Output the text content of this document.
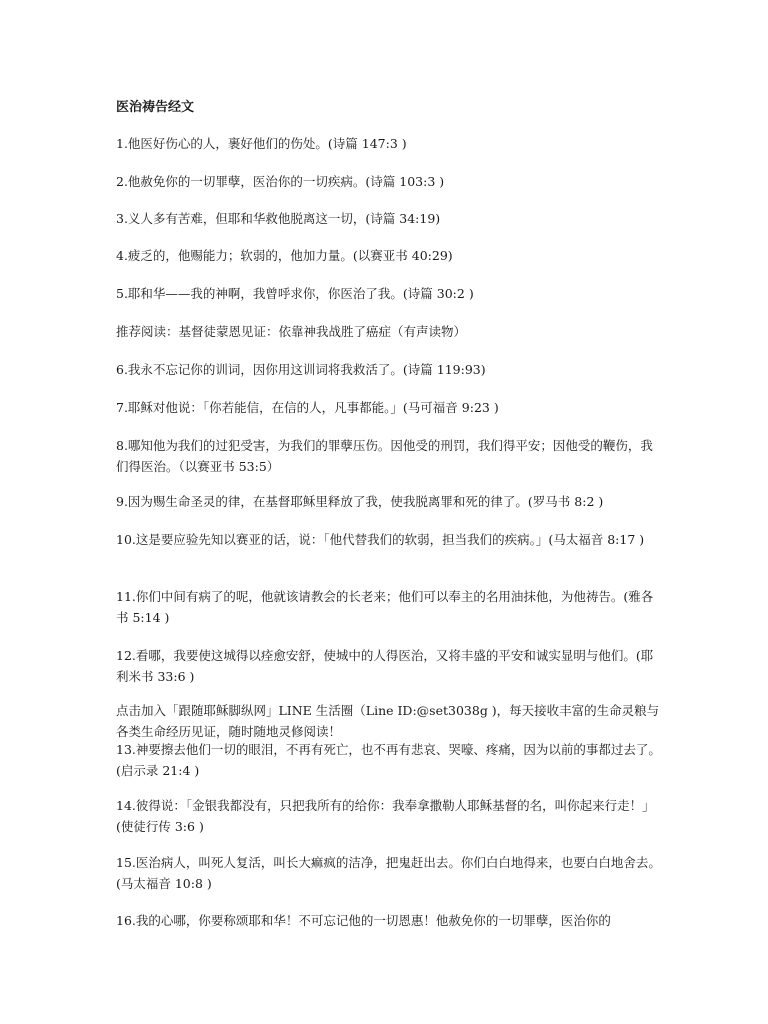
医治祷告经文

1.他医好伤心的人，裹好他们的伤处。(诗篇 147:3 )

2.他赦免你的一切罪孽，医治你的一切疾病。(诗篇 103:3 )

3.义人多有苦难，但耶和华救他脱离这一切，(诗篇 34:19)

4.疲乏的，他赐能力；软弱的，他加力量。(以赛亚书 40:29)

5.耶和华——我的神啊，我曾呼求你，你医治了我。(诗篇 30:2 )

推荐阅读：基督徒蒙恩见证：依靠神我战胜了癌症（有声读物）

6.我永不忘记你的训词，因你用这训词将我救活了。(诗篇 119:93)

7.耶稣对他说：「你若能信，在信的人，凡事都能。」(马可福音 9:23 )

8.哪知他为我们的过犯受害，为我们的罪孽压伤。因他受的刑罚，我们得平安；因他受的鞭伤，我们得医治。（以赛亚书 53:5）

9.因为赐生命圣灵的律，在基督耶稣里释放了我，使我脱离罪和死的律了。(罗马书 8:2 )

10.这是要应验先知以赛亚的话，说：「他代替我们的软弱，担当我们的疾病。」(马太福音 8:17 )

11.你们中间有病了的呢，他就该请教会的长老来；他们可以奉主的名用油抹他，为他祷告。(雅各书 5:14 )

12.看哪，我要使这城得以痊愈安舒，使城中的人得医治，又将丰盛的平安和诚实显明与他们。(耶利米书 33:6 )

点击加入「跟随耶稣脚纵网」LINE 生活圈（Line ID:@set3038g )，每天接收丰富的生命灵粮与各类生命经历见证，随时随地灵修阅读！

13.神要擦去他们一切的眼泪，不再有死亡，也不再有悲哀、哭嚎、疼痛，因为以前的事都过去了。(启示录 21:4 )

14.彼得说：「金银我都没有，只把我所有的给你：我奉拿撒勒人耶稣基督的名，叫你起来行走！」(使徒行传 3:6 )

15.医治病人，叫死人复活，叫长大痲疯的洁净，把鬼赶出去。你们白白地得来，也要白白地舍去。(马太福音 10:8 )

16.我的心哪，你要称颂耶和华！不可忘记他的一切恩惠！他赦免你的一切罪孽，医治你的
